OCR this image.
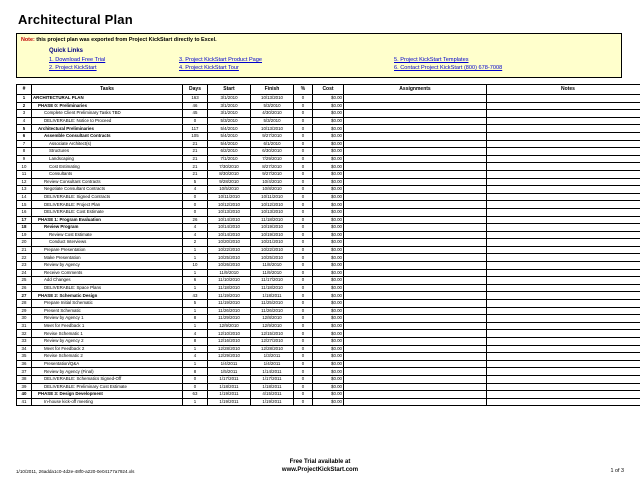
Architectural Plan
Note: this project plan was exported from Project KickStart directly to Excel.
Quick Links
1. Download Free Trial
2. Project KickStart
3. Project KickStart Product Page
4. Project KickStart Tour
5. Project KickStart Templates
6. Contact Project KickStart (800) 678-7008
#	Tasks	Days	Start	Finish	%	Cost	Assignments	Notes
1	ARCHITECTURAL PLAN	163	3/1/2010	10/13/2010	0	$0.00		
2	PHASE 0: Preliminaries	46	3/1/2010	5/3/2010	0	$0.00		
3	Complete Client Preliminary Tasks TBD	45	3/1/2010	4/30/2010	0	$0.00		
4	DELIVERABLE: Notice to Proceed	0	5/3/2010	5/3/2010	0	$0.00		
5	Architectural Preliminaries	117	5/4/2010	10/13/2010	0	$0.00		
6	Assemble Consultant Contracts	105	5/4/2010	9/27/2010	0	$0.00		
7	Associate Architect(s)	21	5/4/2010	6/1/2010	0	$0.00		
8	Structures	21	6/2/2010	6/30/2010	0	$0.00		
9	Landscaping	21	7/1/2010	7/29/2010	0	$0.00		
10	Cost Estimating	21	7/30/2010	8/27/2010	0	$0.00		
11	Consultants	21	8/30/2010	9/27/2010	0	$0.00		
12	Review Consultant Contracts	5	9/28/2010	10/4/2010	0	$0.00		
13	Negotiate Consultant Contracts	4	10/5/2010	10/8/2010	0	$0.00		
14	DELIVERABLE: Signed Contracts	0	10/11/2010	10/11/2010	0	$0.00		
15	DELIVERABLE: Project Plan	0	10/12/2010	10/12/2010	0	$0.00		
16	DELIVERABLE: Cost Estimate	0	10/13/2010	10/13/2010	0	$0.00		
17	PHASE 1: Program Evaluation	26	10/14/2010	11/18/2010	0	$0.00		
18	Review Program	4	10/14/2010	10/19/2010	0	$0.00		
19	Review Cost Estimate	4	10/14/2010	10/19/2010	0	$0.00		
20	Conduct Interviews	2	10/20/2010	10/21/2010	0	$0.00		
21	Prepare Presentation	1	10/22/2010	10/22/2010	0	$0.00		
22	Make Presentation	1	10/25/2010	10/25/2010	0	$0.00		
23	Review by Agency	10	10/26/2010	11/8/2010	0	$0.00		
24	Receive Comments	1	11/9/2010	11/9/2010	0	$0.00		
25	Add Changes	6	11/10/2010	11/17/2010	0	$0.00		
26	DELIVERABLE: Space Plans	1	11/18/2010	11/18/2010	0	$0.00		
27	PHASE 2: Schematic Design	43	11/19/2010	1/18/2011	0	$0.00		
28	Prepare Initial Schematic	5	11/19/2010	11/25/2010	0	$0.00		
29	Present Schematic	1	11/26/2010	11/26/2010	0	$0.00		
30	Review by Agency 1	8	11/29/2010	12/8/2010	0	$0.00		
31	Meet for Feedback 1	1	12/9/2010	12/9/2010	0	$0.00		
32	Revise Schematic 1	4	12/10/2010	12/15/2010	0	$0.00		
33	Review by Agency 2	8	12/16/2010	12/27/2010	0	$0.00		
34	Meet for Feedback 2	1	12/28/2010	12/28/2010	0	$0.00		
35	Revise Schematic 2	4	12/29/2010	1/3/2011	0	$0.00		
36	Presentation/Q&A	1	1/4/2011	1/4/2011	0	$0.00		
37	Review by Agency (Final)	8	1/5/2011	1/14/2011	0	$0.00		
38	DELIVERABLE: Schematics Signed-Off	0	1/17/2011	1/17/2011	0	$0.00		
39	DELIVERABLE: Preliminary Cost Estimate	0	1/18/2011	1/18/2011	0	$0.00		
40	PHASE 3: Design Development	63	1/19/2011	4/15/2011	0	$0.00		
41	In-house kick-off meeting	1	1/19/2011	1/19/2011	0	$0.00		
1/10/2011, 26adda1c0-4d2e-48f0-a220-0e04177a7924.xls
Free Trial available at
www.ProjectKickStart.com	1 of 3
